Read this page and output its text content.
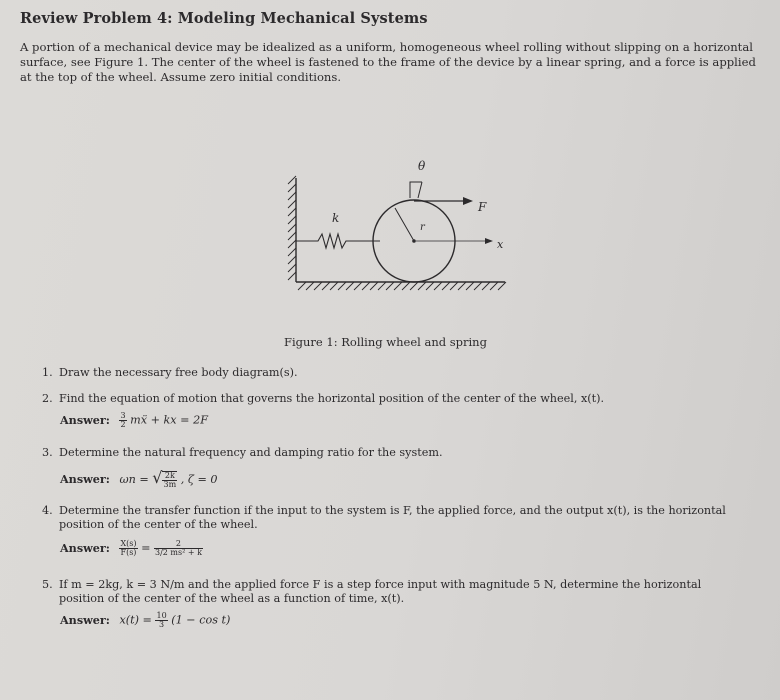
Review Problem 4: Modeling Mechanical Systems
A portion of a mechanical device may be idealized as a uniform, homogeneous wheel rolling without slipping on a horizontal
surface, see Figure 1. The center of the wheel is fastened to the frame of the device by a linear spring, and a force is applied
at the top of the wheel. Assume zero initial conditions.
θ
F
k
r
x
Figure 1: Rolling wheel and spring
1. Draw the necessary free body diagram(s).
2. Find the equation of motion that governs the horizontal position of the center of the wheel, x(t).
Answer: $\frac{3}{2}$ mẍ + kx = 2F
3. Determine the natural frequency and damping ratio for the system.
Answer: ωn = √ $\frac{2k}{3m}$ , ζ = 0
4. Determine the transfer function if the input to the system is F, the applied force, and the output x(t), is the horizontal
position of the center of the wheel.
Answer: $\frac{X(s)}{F(s)} = \frac{2}{\text{3/2 ms² + k}}$
5. If m = 2kg, k = 3 N/m and the applied force F is a step force input with magnitude 5 N, determine the horizontal
position of the center of the wheel as a function of time, x(t).
Answer: $x(t) = \frac{10}{3} (1 - \cos t)$
